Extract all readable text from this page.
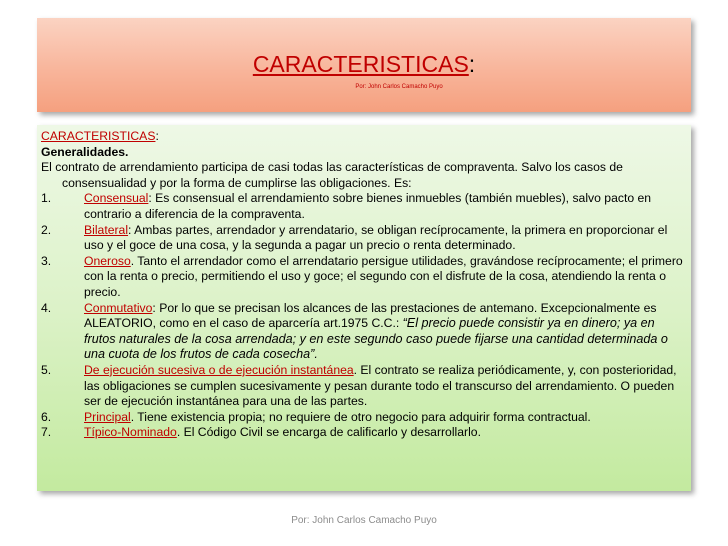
CARACTERISTICAS:
Por: John Carlos Camacho Puyo

CARACTERISTICAS:

Generalidades.

El contrato de arrendamiento participa de casi todas las características de compraventa. Salvo los casos de consensualidad y por la forma de cumplirse las obligaciones. Es:

1.	Consensual: Es consensual el arrendamiento sobre bienes inmuebles (también muebles), salvo pacto en contrario a diferencia de la compraventa.
2.	Bilateral: Ambas partes, arrendador y arrendatario, se obligan recíprocamente, la primera en proporcionar el uso y el goce de una cosa, y la segunda a pagar un precio o renta determinado.
3.	Oneroso. Tanto el arrendador como el arrendatario persigue utilidades, gravándose recíprocamente; el primero con la renta o precio, permitiendo el uso y goce; el segundo con el disfrute de la cosa, atendiendo la renta o precio.
4.	Conmutativo: Por lo que se precisan los alcances de las prestaciones de antemano. Excepcionalmente es ALEATORIO, como en el caso de aparcería art.1975 C.C.: “El precio puede consistir ya en dinero; ya en frutos naturales de la cosa arrendada; y en este segundo caso puede fijarse una cantidad determinada o una cuota de los frutos de cada cosecha”.
5.	De ejecución sucesiva o de ejecución instantánea. El contrato se realiza periódicamente, y, con posterioridad, las obligaciones se cumplen sucesivamente y pesan durante todo el transcurso del arrendamiento. O pueden ser de ejecución instantánea para una de las partes.
6.	Principal. Tiene existencia propia; no requiere de otro negocio para adquirir forma contractual.
7.	Típico-Nominado. El Código Civil se encarga de calificarlo y desarrollarlo.
Por: John Carlos Camacho Puyo
